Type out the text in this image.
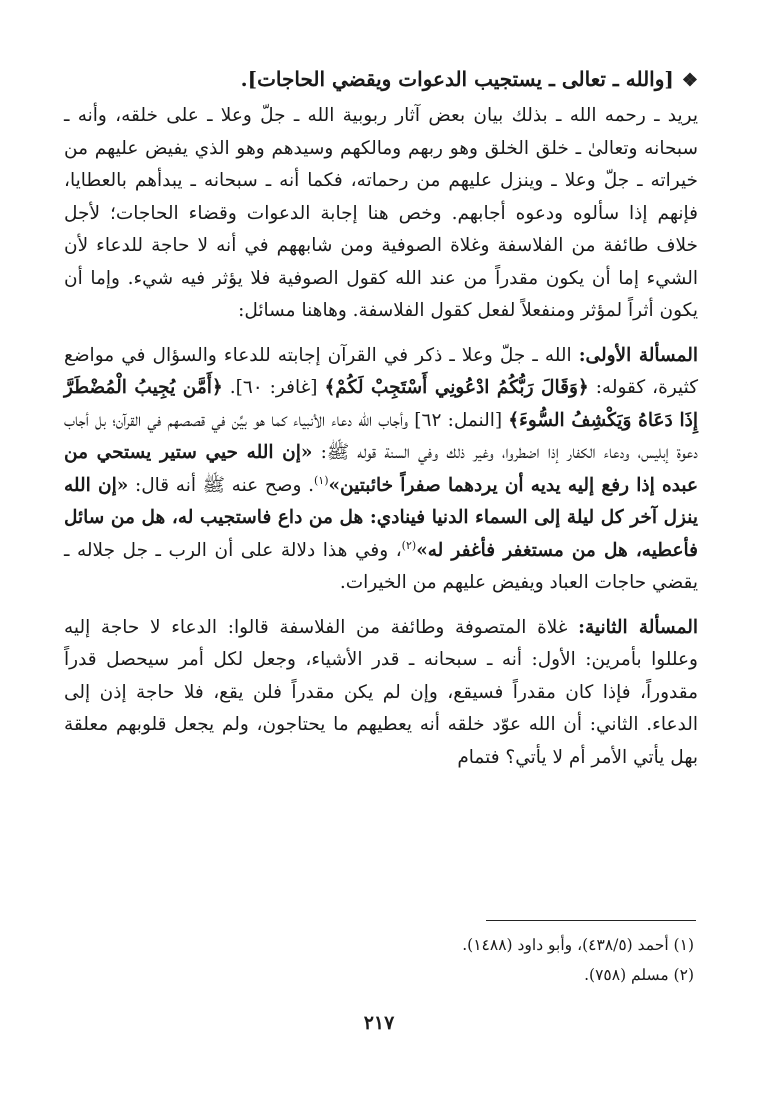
❖[والله ـ تعالى ـ يستجيب الدعوات ويقضي الحاجات].

يريد ـ رحمه الله ـ بذلك بيان بعض آثار ربوبية الله ـ جلّ وعلا ـ على خلقه، وأنه ـ سبحانه وتعالىٰ ـ خلق الخلق وهو ربهم ومالكهم وسيدهم وهو الذي يفيض عليهم من خيراته ـ جلّ وعلا ـ وينزل عليهم من رحماته، فكما أنه ـ سبحانه ـ يبدأهم بالعطايا، فإنهم إذا سألوه ودعوه أجابهم. وخص هنا إجابة الدعوات وقضاء الحاجات؛ لأجل خلاف طائفة من الفلاسفة وغلاة الصوفية ومن شابههم في أنه لا حاجة للدعاء لأن الشيء إما أن يكون مقدراً من عند الله كقول الصوفية فلا يؤثر فيه شيء. وإما أن يكون أثراً لمؤثر ومنفعلاً لفعل كقول الفلاسفة. وهاهنا مسائل:

المسألة الأولى: الله ـ جلّ وعلا ـ ذكر في القرآن إجابته للدعاء والسؤال في مواضع كثيرة، كقوله: ﴿وَقَالَ رَبُّكُمُ ادْعُونِي أَسْتَجِبْ لَكُمْ﴾ [غافر: ٦٠]. ﴿أَمَّن يُجِيبُ الْمُضْطَرَّ إِذَا دَعَاهُ وَيَكْشِفُ السُّوءَ﴾ [النمل: ٦٢] وأجاب الله دعاء الأنبياء كما هو بيِّن في قصصهم في القرآن؛ بل أجاب دعوة إبليس، ودعاء الكفار إذا اضطروا، وغير ذلك وفي السنة قوله ﷺ: «إن الله حيي ستير يستحي من عبده إذا رفع إليه يديه أن يردهما صفراً خائبتين»$^{(١)}$. وصح عنه ﷺ أنه قال: «إن الله ينزل آخر كل ليلة إلى السماء الدنيا فينادي: هل من داع فاستجيب له، هل من سائل فأعطيه، هل من مستغفر فأغفر له»$^{(٢)}$، وفي هذا دلالة على أن الرب ـ جل جلاله ـ يقضي حاجات العباد ويفيض عليهم من الخيرات.

المسألة الثانية: غلاة المتصوفة وطائفة من الفلاسفة قالوا: الدعاء لا حاجة إليه وعللوا بأمرين: الأول: أنه ـ سبحانه ـ قدر الأشياء، وجعل لكل أمر سيحصل قدراً مقدوراً، فإذا كان مقدراً فسيقع، وإن لم يكن مقدراً فلن يقع، فلا حاجة إذن إلى الدعاء. الثاني: أن الله عوّد خلقه أنه يعطيهم ما يحتاجون، ولم يجعل قلوبهم معلقة بهل يأتي الأمر أم لا يأتي؟ فتمام

(١) أحمد (٤٣٨/٥)، وأبو داود (١٤٨٨).
(٢) مسلم (٧٥٨).
٢١٧
